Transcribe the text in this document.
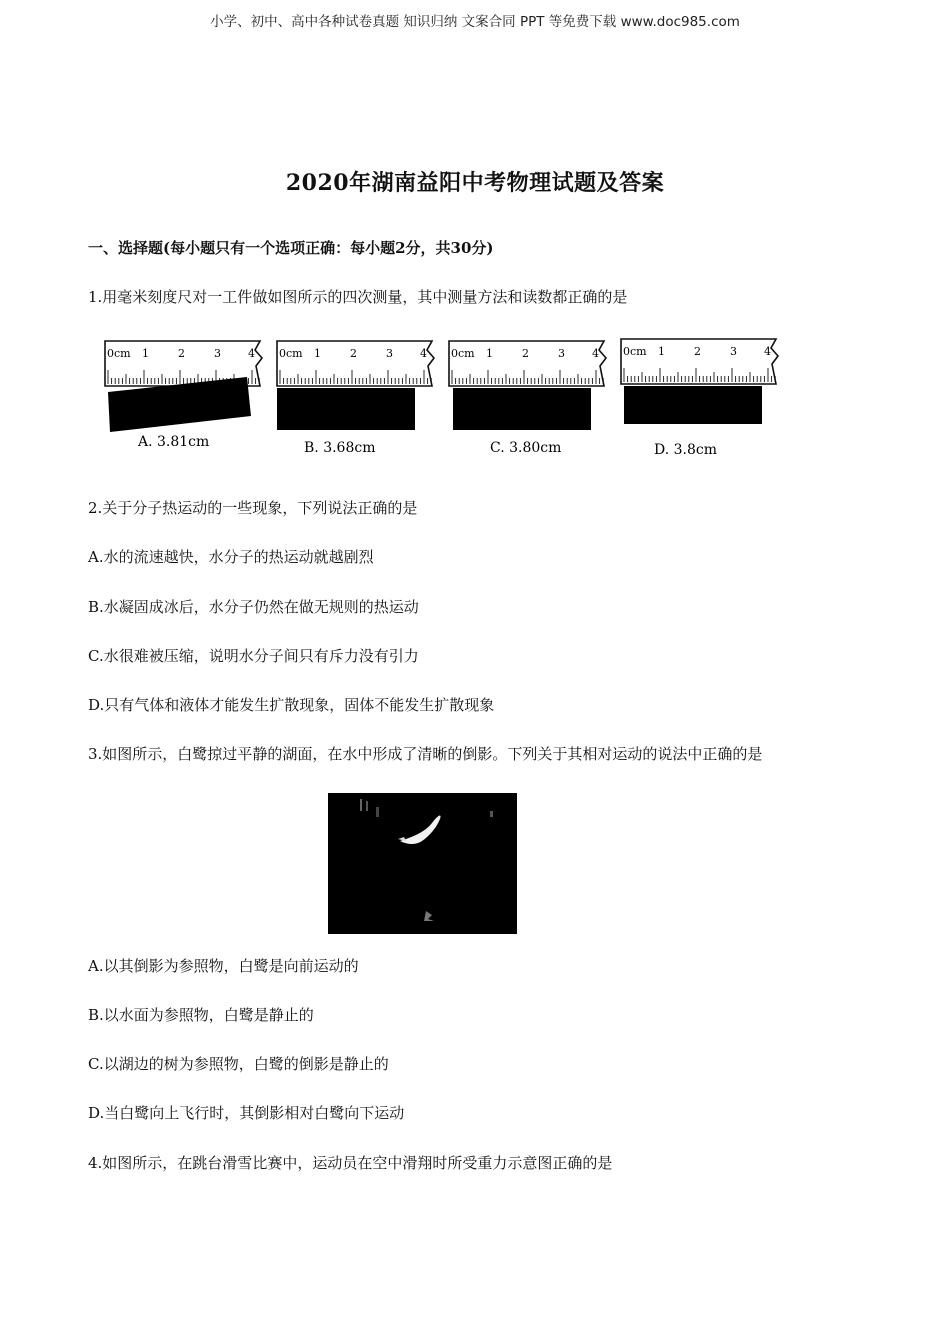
小学、初中、高中各种试卷真题 知识归纳 文案合同 PPT 等免费下载 www.doc985.com
2020年湖南益阳中考物理试题及答案
一、选择题(每小题只有一个选项正确：每小题2分，共30分)
1.用毫米刻度尺对一工件做如图所示的四次测量，其中测量方法和读数都正确的是
0cm 1	2	3 4
A. 3.81cm
0cm 1	2	3 4
B. 3.68cm
0cm 1	2	3 4
C. 3.80cm
0cm 1	2	3 4
D. 3.8cm
2.关于分子热运动的一些现象，下列说法正确的是
A.水的流速越快，水分子的热运动就越剧烈
B.水凝固成冰后，水分子仍然在做无规则的热运动
C.水很难被压缩，说明水分子间只有斥力没有引力
D.只有气体和液体才能发生扩散现象，固体不能发生扩散现象
3.如图所示，白鹭掠过平静的湖面，在水中形成了清晰的倒影。下列关于其相对运动的说法中正确的是
A.以其倒影为参照物，白鹭是向前运动的
B.以水面为参照物，白鹭是静止的
C.以湖边的树为参照物，白鹭的倒影是静止的
D.当白鹭向上飞行时，其倒影相对白鹭向下运动
4.如图所示，在跳台滑雪比赛中，运动员在空中滑翔时所受重力示意图正确的是
